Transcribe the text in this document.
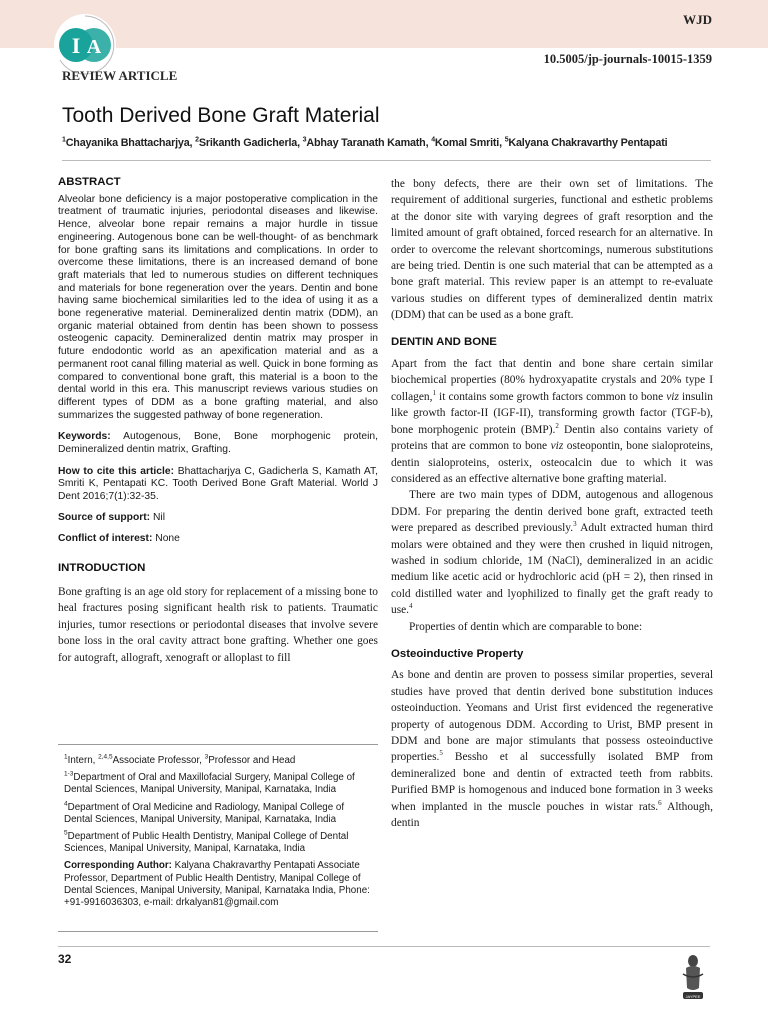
I A
WJD
10.5005/jp-journals-10015-1359
REVIEW ARTICLE
Tooth Derived Bone Graft Material
$^1$Chayanika Bhattacharjya, $^2$Srikanth Gadicherla, $^3$Abhay Taranath Kamath, $^4$Komal Smriti, $^5$Kalyana Chakravarthy Pentapati
ABSTRACT

Alveolar bone deficiency is a major postoperative complication in the treatment of traumatic injuries, periodontal diseases and likewise. Hence, alveolar bone repair remains a major hurdle in tissue engineering. Autogenous bone can be well-thought- of as benchmark for bone grafting sans its limitations and complications. In order to overcome these limitations, there is an increased demand of bone graft materials that led to numerous studies on different techniques and materials for bone regeneration over the years. Dentin and bone having same biochemical similarities led to the idea of using it as a bone regenerative material. Demineralized dentin matrix (DDM), an organic material obtained from dentin has been shown to possess osteogenic capacity. Demineralized dentin matrix may prosper in future endodontic world as an apexification material and as a permanent root canal filling material as well. Quick in bone forming as compared to conventional bone graft, this material is a boon to the dental world in this era. This manuscript reviews various studies on different types of DDM as a bone grafting material, and also summarizes the suggested pathway of bone regeneration.

Keywords: Autogenous, Bone, Bone morphogenic protein, Demineralized dentin matrix, Grafting.

How to cite this article: Bhattacharjya C, Gadicherla S, Kamath AT, Smriti K, Pentapati KC. Tooth Derived Bone Graft Material. World J Dent 2016;7(1):32-35.

Source of support: Nil

Conflict of interest: None

INTRODUCTION

Bone grafting is an age old story for replacement of a missing bone to heal fractures posing significant health risk to patients. Traumatic injuries, tumor resections or periodontal diseases that involve severe bone loss in the oral cavity attract bone grafting. Whether one goes for autograft, allograft, xenograft or alloplast to fill

$^1$Intern, $^{2,4,5}$Associate Professor, $^3$Professor and Head

$^{1-3}$Department of Oral and Maxillofacial Surgery, Manipal College of Dental Sciences, Manipal University, Manipal, Karnataka, India

$^4$Department of Oral Medicine and Radiology, Manipal College of Dental Sciences, Manipal University, Manipal, Karnataka, India

$^5$Department of Public Health Dentistry, Manipal College of Dental Sciences, Manipal University, Manipal, Karnataka, India

Corresponding Author: Kalyana Chakravarthy Pentapati Associate Professor, Department of Public Health Dentistry, Manipal College of Dental Sciences, Manipal University, Manipal, Karnataka India, Phone: +91-9916036303, e-mail: drkalyan81@gmail.com

the bony defects, there are their own set of limitations. The requirement of additional surgeries, functional and esthetic problems at the donor site with varying degrees of graft resorption and the limited amount of graft obtained, forced research for an alternative. In order to overcome the relevant shortcomings, numerous substitutions are being tried. Dentin is one such material that can be attempted as a bone graft material. This review paper is an attempt to re-evaluate various studies on different types of demineralized dentin matrix (DDM) that can be used as a bone graft.

DENTIN AND BONE

Apart from the fact that dentin and bone share certain similar biochemical properties (80% hydroxyapatite crystals and 20% type I collagen,$^1$ it contains some growth factors common to bone viz insulin like growth factor-II (IGF-II), transforming growth factor (TGF-b), bone morphogenic protein (BMP).$^2$ Dentin also contains variety of proteins that are common to bone viz osteopontin, bone sialoproteins, dentin sialoproteins, osterix, osteocalcin due to which it was considered as an effective alternative bone grafting material.

There are two main types of DDM, autogenous and allogenous DDM. For preparing the dentin derived bone graft, extracted teeth were prepared as described previously.$^3$ Adult extracted human third molars were obtained and they were then crushed in liquid nitrogen, washed in sodium chloride, 1M (NaCl), demineralized in an acidic medium like acetic acid or hydrochloric acid (pH = 2), then rinsed in cold distilled water and lyophilized to finally get the graft ready to use.$^4$

Properties of dentin which are comparable to bone:

Osteoinductive Property

As bone and dentin are proven to possess similar properties, several studies have proved that dentin derived bone substitution induces osteoinduction. Yeomans and Urist first evidenced the regenerative property of autogenous DDM. According to Urist, BMP present in DDM and bone are major stimulants that possess osteoinductive properties.$^5$ Bessho et al successfully isolated BMP from demineralized bone and dentin of extracted teeth from rabbits. Purified BMP is homogenous and induced bone formation in 3 weeks when implanted in the muscle pouches in wistar rats.$^6$ Although, dentin

32
JAYPEE
